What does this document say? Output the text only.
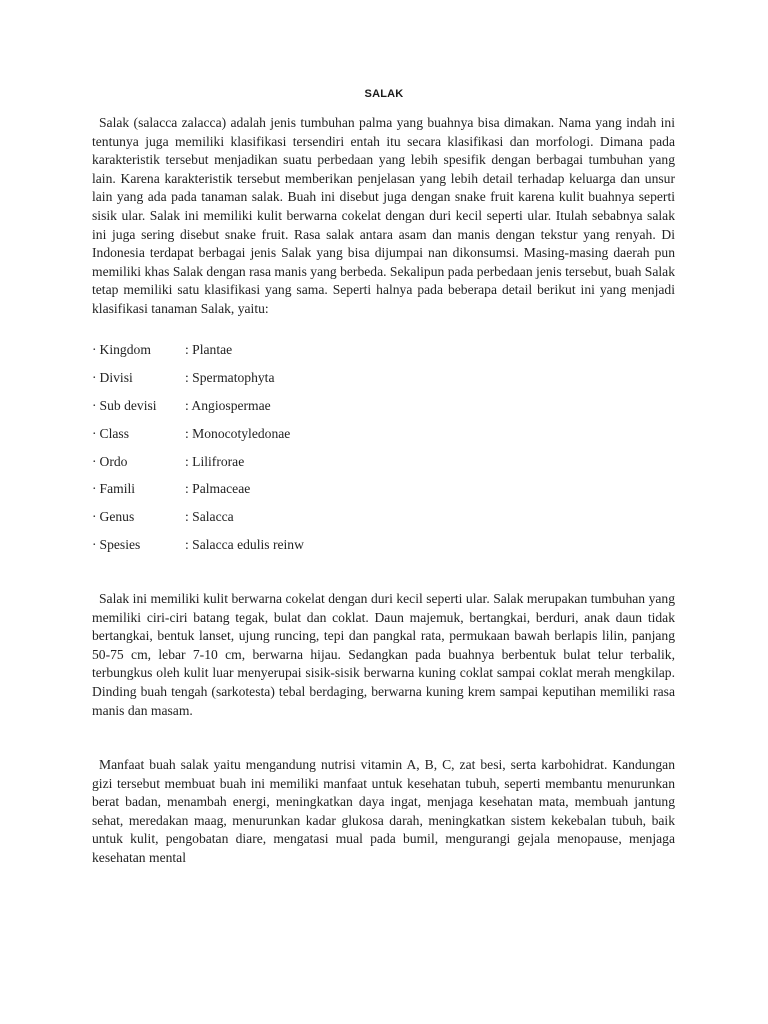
SALAK

Salak (salacca zalacca) adalah jenis tumbuhan palma yang buahnya bisa dimakan. Nama yang indah ini tentunya juga memiliki klasifikasi tersendiri entah itu secara klasifikasi dan morfologi. Dimana pada karakteristik tersebut menjadikan suatu perbedaan yang lebih spesifik dengan berbagai tumbuhan yang lain. Karena karakteristik tersebut memberikan penjelasan yang lebih detail terhadap keluarga dan unsur lain yang ada pada tanaman salak. Buah ini disebut juga dengan snake fruit karena kulit buahnya seperti sisik ular. Salak ini memiliki kulit berwarna cokelat dengan duri kecil seperti ular. Itulah sebabnya salak ini juga sering disebut snake fruit. Rasa salak antara asam dan manis dengan tekstur yang renyah. Di Indonesia terdapat berbagai jenis Salak yang bisa dijumpai nan dikonsumsi. Masing-masing daerah pun memiliki khas Salak dengan rasa manis yang berbeda. Sekalipun pada perbedaan jenis tersebut, buah Salak tetap memiliki satu klasifikasi yang sama. Seperti halnya pada beberapa detail berikut ini yang menjadi klasifikasi tanaman Salak, yaitu:

· Kingdom	: Plantae
· Divisi	: Spermatophyta
· Sub devisi	: Angiospermae
· Class	: Monocotyledonae
· Ordo	: Lilifrorae
· Famili	: Palmaceae
· Genus	: Salacca
· Spesies	: Salacca edulis reinw

Salak ini memiliki kulit berwarna cokelat dengan duri kecil seperti ular. Salak merupakan tumbuhan yang memiliki ciri-ciri batang tegak, bulat dan coklat. Daun majemuk, bertangkai, berduri, anak daun tidak bertangkai, bentuk lanset, ujung runcing, tepi dan pangkal rata, permukaan bawah berlapis lilin, panjang 50-75 cm, lebar 7-10 cm, berwarna hijau. Sedangkan pada buahnya berbentuk bulat telur terbalik, terbungkus oleh kulit luar menyerupai sisik-sisik berwarna kuning coklat sampai coklat merah mengkilap. Dinding buah tengah (sarkotesta) tebal berdaging, berwarna kuning krem sampai keputihan memiliki rasa manis dan masam.

Manfaat buah salak yaitu mengandung nutrisi vitamin A, B, C, zat besi, serta karbohidrat. Kandungan gizi tersebut membuat buah ini memiliki manfaat untuk kesehatan tubuh, seperti membantu menurunkan berat badan, menambah energi, meningkatkan daya ingat, menjaga kesehatan mata, membuah jantung sehat, meredakan maag, menurunkan kadar glukosa darah, meningkatkan sistem kekebalan tubuh, baik untuk kulit, pengobatan diare, mengatasi mual pada bumil, mengurangi gejala menopause, menjaga kesehatan mental
